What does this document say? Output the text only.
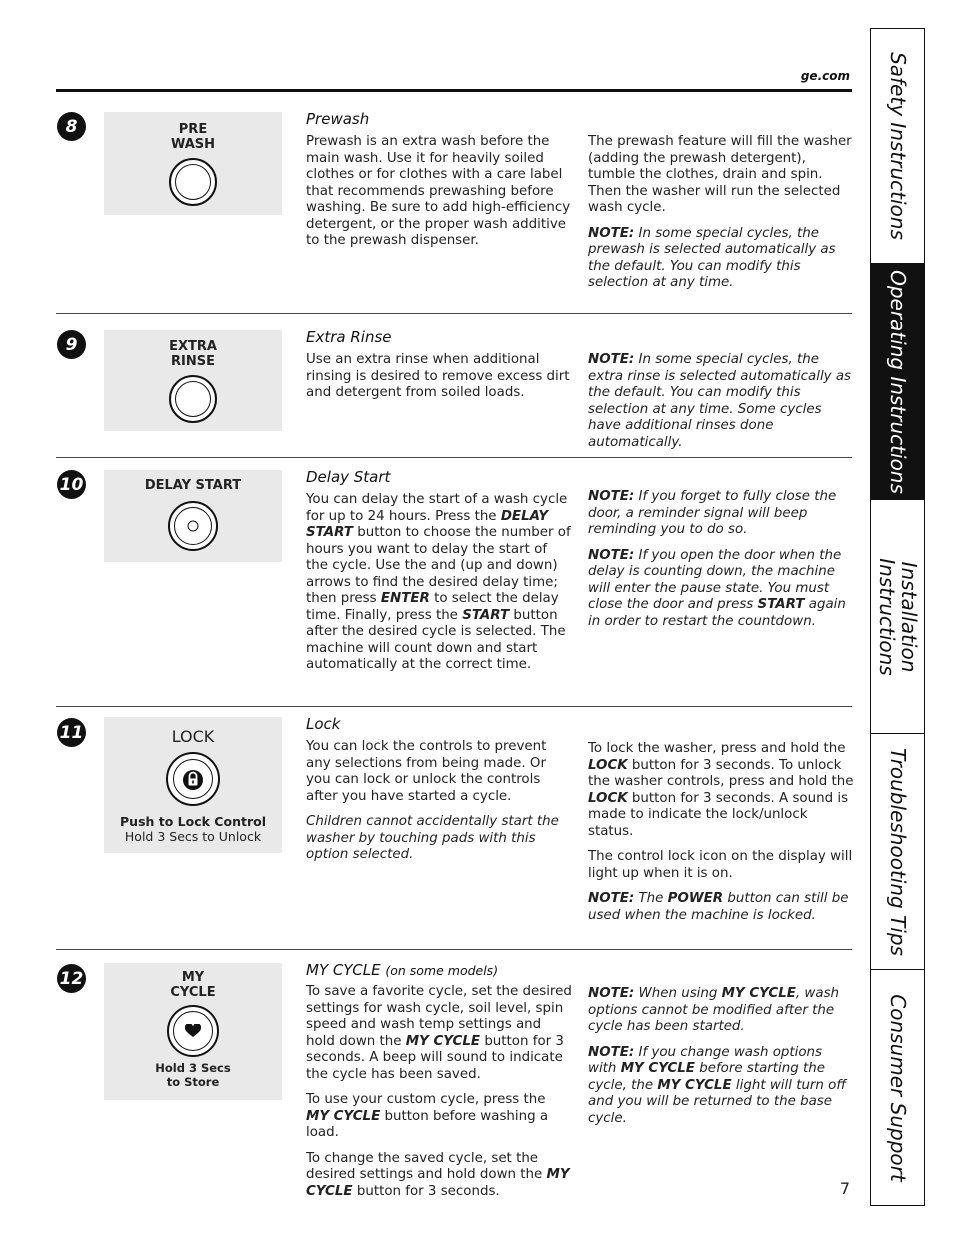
ge.com
8	PRE
WASH
Prewash

Prewash is an extra wash before the main wash. Use it for heavily soiled clothes or for clothes with a care label that recommends prewashing before washing. Be sure to add high-efficiency detergent, or the proper wash additive to the prewash dispenser.

The prewash feature will fill the washer (adding the prewash detergent), tumble the clothes, drain and spin. Then the washer will run the selected wash cycle.

NOTE: In some special cycles, the prewash is selected automatically as the default. You can modify this selection at any time.

9	EXTRA
RINSE
Extra Rinse

Use an extra rinse when additional rinsing is desired to remove excess dirt and detergent from soiled loads.

NOTE: In some special cycles, the extra rinse is selected automatically as the default. You can modify this selection at any time. Some cycles have additional rinses done automatically.

10	DELAY START	Delay Start

You can delay the start of a wash cycle for up to 24 hours. Press the DELAY START button to choose the number of hours you want to delay the start of the cycle. Use the and (up and down) arrows to find the desired delay time; then press ENTER to select the delay time. Finally, press the START button after the desired cycle is selected. The machine will count down and start automatically at the correct time.

NOTE: If you forget to fully close the door, a reminder signal will beep reminding you to do so.

NOTE: If you open the door when the delay is counting down, the machine will enter the pause state. You must close the door and press START again in order to restart the countdown.

11	LOCK
Push to Lock Control
Hold 3 Secs to Unlock
Lock

You can lock the controls to prevent any selections from being made. Or you can lock or unlock the controls after you have started a cycle.

Children cannot accidentally start the washer by touching pads with this option selected.

To lock the washer, press and hold the LOCK button for 3 seconds. To unlock the washer controls, press and hold the LOCK button for 3 seconds. A sound is made to indicate the lock/unlock status.

The control lock icon on the display will light up when it is on.

NOTE: The POWER button can still be used when the machine is locked.

12	MY
CYCLE
Hold 3 Secs
to Store
MY CYCLE (on some models)

To save a favorite cycle, set the desired settings for wash cycle, soil level, spin speed and wash temp settings and hold down the MY CYCLE button for 3 seconds. A beep will sound to indicate the cycle has been saved.

To use your custom cycle, press the MY CYCLE button before washing a load.

To change the saved cycle, set the desired settings and hold down the MY CYCLE button for 3 seconds.

NOTE: When using MY CYCLE, wash options cannot be modified after the cycle has been started.

NOTE: If you change wash options with MY CYCLE before starting the cycle, the MY CYCLE light will turn off and you will be returned to the base cycle.

7
Safety Instructions
Operating Instructions
Installation
Instructions
Troubleshooting Tips
Consumer Support
